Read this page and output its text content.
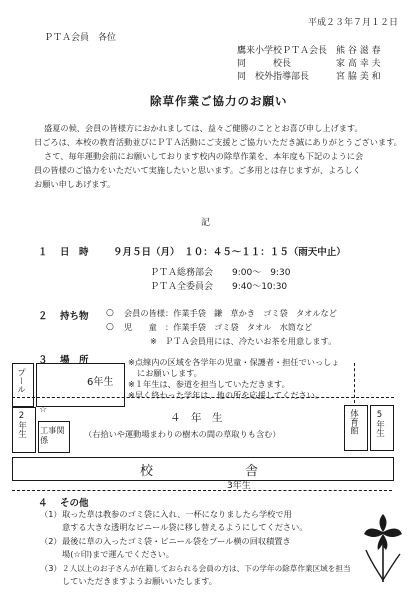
平成２３年７月１２日
ＰＴＡ会員　各位
鷹来小学校ＰＴＡ会長 熊 谷 滋 春
同　　　校長	家 高 幸 夫
同　校外指導部長	宮 脇 美 和
除草作業ご協力のお願い
盛夏の候、会員の皆様方におかれましては、益々ご健勝のこととお喜び申し上げます。
日ごろは、本校の教育活動並びにＰＴＡ活動にご支援とご協力いただき誠にありがとうございます。
さて、毎年運動会前にお願いしております校内の除草作業を、本年度も下記のように会
員の皆様のご協力をいただいて実施したいと思います。ご多用とは存じますが、よろしく
お願い申しあげます。
記
１ 日　時	９月５日（月）　１０：４５～１１：１５（雨天中止）
ＰＴＡ総務部会 9:00～　9:30
ＰＴＡ全委員会 9:40～10:30
２ 持ち物 ○ 会員の皆様：作業手袋　鎌　草かき　ゴミ袋　タオルなど
○ 児　　童　：作業手袋　ゴミ袋　タオル　水筒など
※　ＰＴＡ会員用には、冷たいお茶を用意します。
３ 場　所
プール	6年生
※点線内の区域を各学年の児童・保護者・担任でいっしょ
にお願いします。
※１年生は、参道を担当していただきます。
※早く終わった学年は、他の所を応援してください。
2年生
☆
工事関係
４　年　生
（右拾いや運動場まわりの樹木の間の草取りも含む）	体育館 5年生
校　　舎
3年生
４ その他
（1） 取った草は教参のゴミ袋に入れ、一杯になりましたら学校で用
意する大きな透明なビニール袋に移し替えるようにしてください。
（2） 最後に草の入ったゴミ袋・ビニール袋をプール横の回収積置き
場(☆印)まで運んでください。
（3） ２人以上のお子さんが在籍しておられる会員の方は、下の学年の除草作業区域を担当
していただきますようお願いいたします。
